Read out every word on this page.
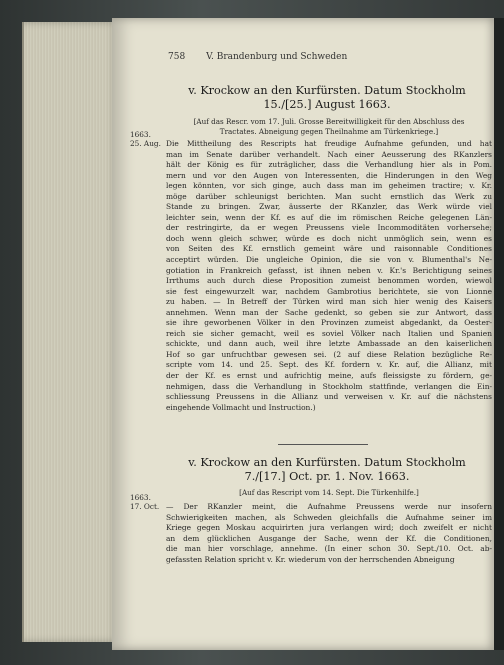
758 V. Brandenburg und Schweden
v. Krockow an den Kurfürsten. Datum Stockholm
15./[25.] August 1663.
[Auf das Rescr. vom 17. Juli. Grosse Bereitwilligkeit für den Abschluss des
Tractates. Abneigung gegen Theilnahme am Türkenkriege.]
1663.
25. Aug. Die Mittheilung des Rescripts hat freudige Aufnahme gefunden, und hat
man im Senate darüber verhandelt. Nach einer Aeusserung des RKanzlers
hält der König es für zuträglicher, dass die Verhandlung hier als in Pom.
mern und vor den Augen von Interessenten, die Hinderungen in den Weg
legen könnten, vor sich ginge, auch dass man im geheimen tractire; v. Kr.
möge darüber schleunigst berichten. Man sucht ernstlich das Werk zu
Stande zu bringen. Zwar, äusserte der RKanzler, das Werk würde viel
leichter sein, wenn der Kf. es auf die im römischen Reiche gelegenen Län-
der restringirte, da er wegen Preussens viele Incommoditäten vorhersehe;
doch wenn gleich schwer, würde es doch nicht unmöglich sein, wenn es
von Seiten des Kf. ernstlich gemeint wäre und raisonnable Conditiones
acceptirt würden. Die ungleiche Opinion, die sie von v. Blumenthal's Ne-
gotiation in Frankreich gefasst, ist ihnen neben v. Kr.'s Berichtigung seines
Irrthums auch durch diese Proposition zumeist benommen worden, wiewol
sie fest eingewurzelt war, nachdem Gambrotius berichtete, sie von Lionne
zu haben. — In Betreff der Türken wird man sich hier wenig des Kaisers
annehmen. Wenn man der Sache gedenkt, so geben sie zur Antwort, dass
sie ihre geworbenen Völker in den Provinzen zumeist abgedankt, da Oester-
reich sie sicher gemacht, weil es soviel Völker nach Italien und Spanien
schickte, und dann auch, weil ihre letzte Ambassade an den kaiserlichen
Hof so gar unfruchtbar gewesen sei. (2 auf diese Relation bezügliche Re-
scripte vom 14. und 25. Sept. des Kf. fordern v. Kr. auf, die Allianz, mit
der der Kf. es ernst und aufrichtig meine, aufs fleissigste zu fördern, ge-
nehmigen, dass die Verhandlung in Stockholm stattfinde, verlangen die Ein-
schliessung Preussens in die Allianz und verweisen v. Kr. auf die nächstens
eingehende Vollmacht und Instruction.)
v. Krockow an den Kurfürsten. Datum Stockholm
7./[17.] Oct. pr. 1. Nov. 1663.
[Auf das Rescript vom 14. Sept. Die Türkenhilfe.]
1663.
17. Oct. — Der RKanzler meint, die Aufnahme Preussens werde nur insofern
Schwierigkeiten machen, als Schweden gleichfalls die Aufnahme seiner im
Kriege gegen Moskau acquirirten jura verlangen wird; doch zweifelt er nicht
an dem glücklichen Ausgange der Sache, wenn der Kf. die Conditionen,
die man hier vorschlage, annehme. (In einer schon 30. Sept./10. Oct. ab-
gefassten Relation spricht v. Kr. wiederum von der herrschenden Abneigung
